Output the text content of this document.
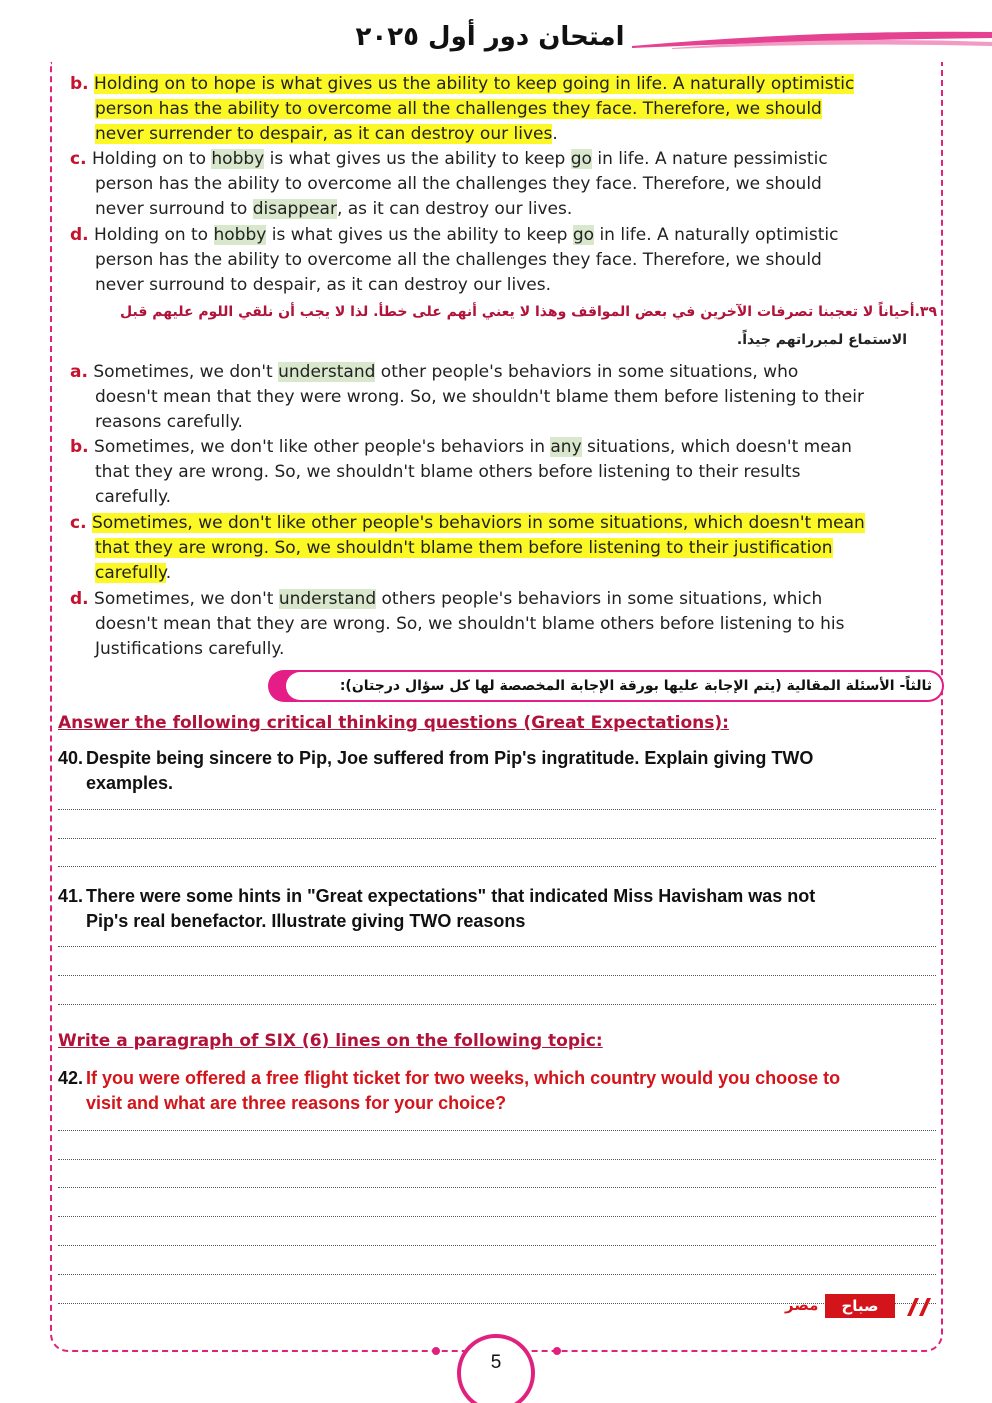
امتحان دور أول ٢٠٢٥
b. Holding on to hope is what gives us the ability to keep going in life. A naturally optimistic
person has the ability to overcome all the challenges they face. Therefore, we should
never surrender to despair, as it can destroy our lives.
c. Holding on to hobby is what gives us the ability to keep go in life. A nature pessimistic
person has the ability to overcome all the challenges they face. Therefore, we should
never surround to disappear, as it can destroy our lives.
d. Holding on to hobby is what gives us the ability to keep go in life. A naturally optimistic
person has the ability to overcome all the challenges they face. Therefore, we should
never surround to despair, as it can destroy our lives.
٣٩.أحياناً لا تعجبنا تصرفات الآخرين في بعض المواقف وهذا لا يعني أنهم على خطأ. لذا لا يجب أن نلقي اللوم عليهم قبل
الاستماع لمبرراتهم جيداً.
a. Sometimes, we don't understand other people's behaviors in some situations, who
doesn't mean that they were wrong. So, we shouldn't blame them before listening to their
reasons carefully.
b. Sometimes, we don't like other people's behaviors in any situations, which doesn't mean
that they are wrong. So, we shouldn't blame others before listening to their results
carefully.
c. Sometimes, we don't like other people's behaviors in some situations, which doesn't mean
that they are wrong. So, we shouldn't blame them before listening to their justification
carefully.
d. Sometimes, we don't understand others people's behaviors in some situations, which
doesn't mean that they are wrong. So, we shouldn't blame others before listening to his
Justifications carefully.
ثالثاً- الأسئلة المقالية (يتم الإجابة عليها بورقة الإجابة المخصصة لها كل سؤال درجتان):
Answer the following critical thinking questions (Great Expectations):
40. Despite being sincere to Pip, Joe suffered from Pip's ingratitude. Explain giving TWO
examples.
41. There were some hints in "Great expectations" that indicated Miss Havisham was not
Pip's real benefactor. Illustrate giving TWO reasons
Write a paragraph of SIX (6) lines on the following topic:
42. If you were offered a free flight ticket for two weeks, which country would you choose to
visit and what are three reasons for your choice?
مصر	صباح
5
